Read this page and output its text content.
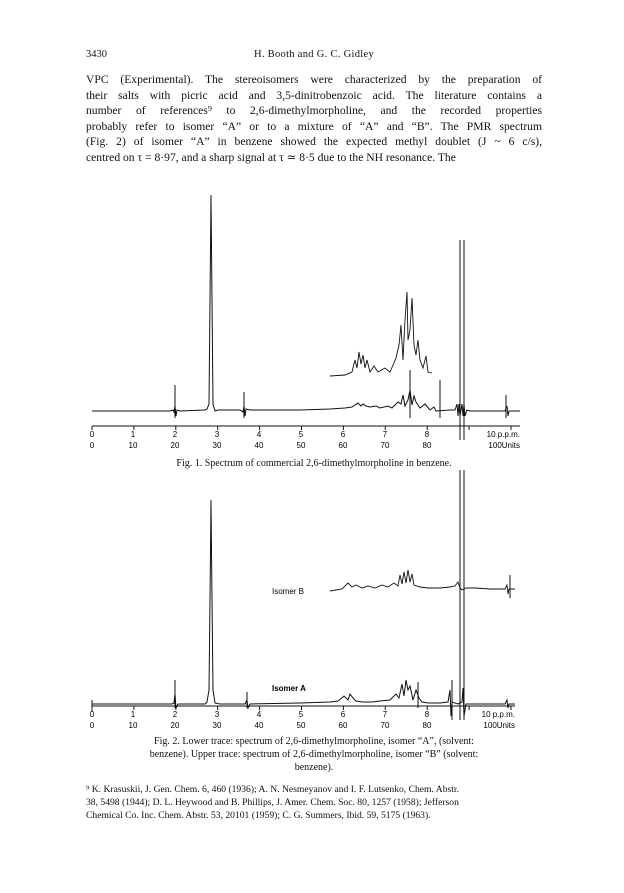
3430	H. Booth and G. C. Gidley
VPC (Experimental). The stereoisomers were characterized by the preparation of
their salts with picric acid and 3,5-dinitrobenzoic acid. The literature contains a
number of references⁹ to 2,6-dimethylmorpholine, and the recorded properties
probably refer to isomer “A” or to a mixture of “A” and “B”. The PMR spectrum
(Fig. 2) of isomer “A” in benzene showed the expected methyl doublet (J ~ 6 c/s),
centred on τ = 8·97, and a sharp signal at τ ≃ 8·5 due to the NH resonance. The
0	1	2	3	4	5	6	7	8	10 p.p.m.
0	10	20	30	40	50	60	70	80	100Units
0	1	2	3	4	5	6	7	8	10 p.p.m.
0	10	20	30	40	50	60	70	80	100Units
Isomer B
Isomer A
Fig. 1. Spectrum of commercial 2,6-dimethylmorpholine in benzene.
Fig. 2. Lower trace: spectrum of 2,6-dimethylmorpholine, isomer “A”, (solvent:
benzene). Upper trace: spectrum of 2,6-dimethylmorpholine, isomer “B” (solvent:
benzene).
⁹ K. Krasuskii, J. Gen. Chem. 6, 460 (1936); A. N. Nesmeyanov and I. F. Lutsenko, Chem. Abstr.
38, 5498 (1944); D. L. Heywood and B. Phillips, J. Amer. Chem. Soc. 80, 1257 (1958); Jefferson
Chemical Co. Inc. Chem. Abstr. 53, 20101 (1959); C. G. Summers, Ibid. 59, 5175 (1963).
